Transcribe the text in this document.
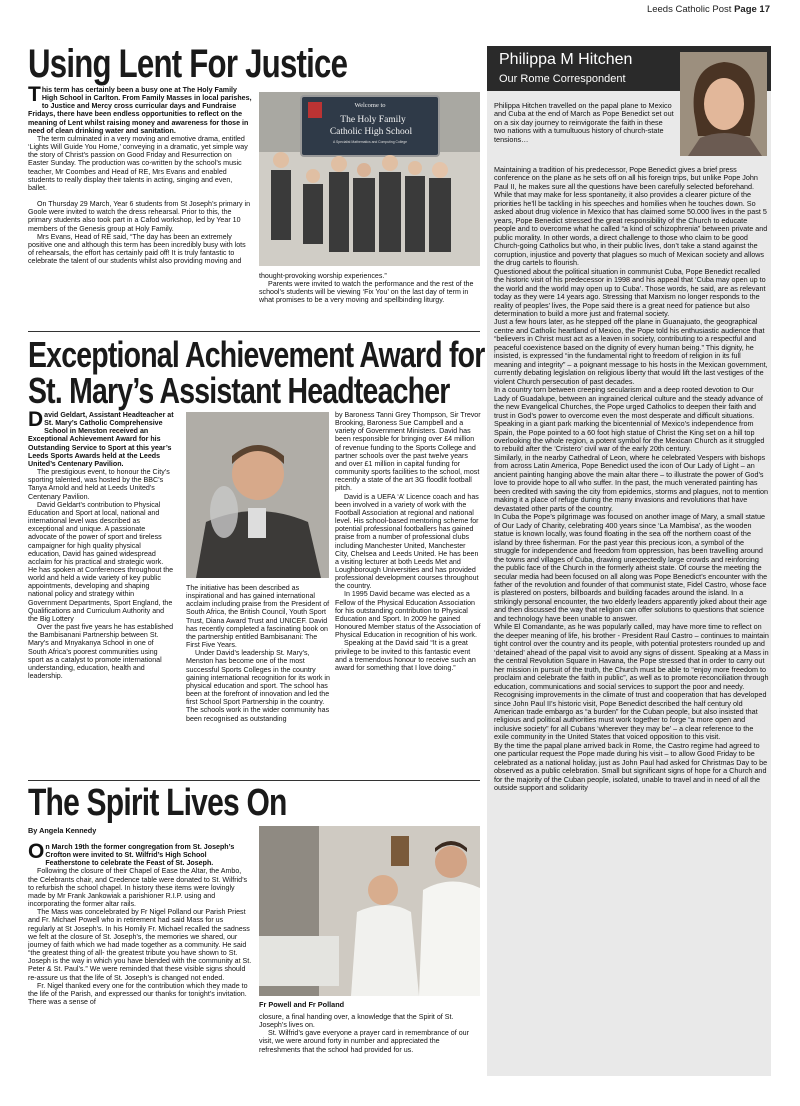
Leeds Catholic Post Page 17
Using Lent For Justice

This term has certainly been a busy one at The Holy Family High School in Carlton. From Family Masses in local parishes, to Justice and Mercy cross curricular days and Fundraise Fridays, there have been endless opportunities to reflect on the meaning of Lent whilst raising money and awareness for those in need of clean drinking water and sanitation.

The term culminated in a very moving and emotive drama, entitled ‘Lights Will Guide You Home,’ conveying in a dramatic, yet simple way the story of Christ’s passion on Good Friday and Resurrection on Easter Sunday. The production was co-written by the school’s music teacher, Mr Coombes and Head of RE, Mrs Evans and enabled students to really display their talents in acting, singing and even, ballet.

On Thursday 29 March, Year 6 students from St Joseph’s primary in Goole were invited to watch the dress rehearsal. Prior to this, the primary students also took part in a Cafod workshop, led by Year 10 members of the Genesis group at Holy Family.

Mrs Evans, Head of RE said, “The day has been an extremely positive one and although this term has been incredibly busy with lots of rehearsals, the effort has certainly paid off! It is truly fantastic to celebrate the talent of our students whilst also providing moving and

Welcome to
The Holy Family
Catholic High School
A Specialist Mathematics and Computing College

thought-provoking worship experiences.”

Parents were invited to watch the performance and the rest of the school’s students will be viewing ‘Fix You’ on the last day of term in what promises to be a very moving and spellbinding liturgy.

Exceptional Achievement Award for
St. Mary’s Assistant Headteacher

David Geldart, Assistant Headteacher at St. Mary’s Catholic Comprehensive School in Menston received an Exceptional Achievement Award for his Outstanding Service to Sport at this year’s Leeds Sports Awards held at the Leeds United’s Centenary Pavilion.

The prestigious event, to honour the City’s sporting talented, was hosted by the BBC’s Tanya Arnold and held at Leeds United’s Centenary Pavilion.

David Geldart’s contribution to Physical Education and Sport at local, national and international level was described as exceptional and unique. A passionate advocate of the power of sport and tireless campaigner for high quality physical education, David has gained widespread acclaim for his practical and strategic work. He has spoken at Conferences throughout the world and held a wide variety of key public appointments, developing and shaping national policy and strategy within Government Departments, Sport England, the Qualifications and Curriculum Authority and the Big Lottery

Over the past five years he has established the Bambisanani Partnership between St. Mary’s and Mnyakanya School in one of South Africa’s poorest communities using sport as a catalyst to promote international understanding, education, health and leadership.

The initiative has been described as inspirational and has gained international acclaim including praise from the President of South Africa, the British Council, Youth Sport Trust, Diana Award Trust and UNICEF. David has recently completed a fascinating book on the partnership entitled Bambisanani: The First Five Years.

Under David’s leadership St. Mary’s, Menston has become one of the most successful Sports Colleges in the country gaining international recognition for its work in physical education and sport. The school has been at the forefront of innovation and led the first School Sport Partnership in the country. The schools work in the wider community has been recognised as outstanding

by Baroness Tanni Grey Thompson, Sir Trevor Brooking, Baroness Sue Campbell and a variety of Government Ministers. David has been responsible for bringing over £4 million of revenue funding to the Sports College and partner schools over the past twelve years and over £1 million in capital funding for community sports facilities to the school, most recently a state of the art 3G floodlit football pitch.

David is a UEFA ‘A’ Licence coach and has been involved in a variety of work with the Football Association at regional and national level. His school-based mentoring scheme for potential professional footballers has gained praise from a number of professional clubs including Manchester United, Manchester City, Chelsea and Leeds United. He has been a visiting lecturer at both Leeds Met and Loughborough Universities and has provided professional development courses throughout the country.

In 1995 David became was elected as a Fellow of the Physical Education Association for his outstanding contribution to Physical Education and Sport. In 2009 he gained Honoured Member status of the Association of Physical Education in recognition of his work.

Speaking at the David said “It is a great privilege to be invited to this fantastic event and a tremendous honour to receive such an award for something that I love doing.”

The Spirit Lives On
By Angela Kennedy

On March 19th the former congregation from St. Joseph’s Crofton were invited to St. Wilfrid’s High School Featherstone to celebrate the Feast of St. Joseph.

Following the closure of their Chapel of Ease the Altar, the Ambo, the Celebrants chair, and Credence table were donated to St. Wilfrid’s to refurbish the school chapel. In history these items were lovingly made by Mr Frank Jankowiak a parishioner R.I.P. using and incorporating the former altar rails.

The Mass was concelebrated by Fr Nigel Polland our Parish Priest and Fr. Michael Powell who in retirement had said Mass for us regularly at St Joseph’s. In his Homily Fr. Michael recalled the sadness we felt at the closure of St. Joseph’s, the memories we shared, our journey of faith which we had made together as a community. He said “the greatest thing of all- the greatest tribute you have shown to St. Joseph is the way in which you have blended with the community at St. Peter & St. Paul’s.” We were reminded that these visible signs should re-assure us that the life of St. Joseph’s is changed not ended.

Fr. Nigel thanked every one for the contribution which they made to the life of the Parish, and expressed our thanks for tonight’s invitation. There was a sense of	Fr Powell and Fr Polland

closure, a final handing over, a knowledge that the Spirit of St. Joseph’s lives on.

St. Wilfrid’s gave everyone a prayer card in remembrance of our visit, we were around forty in number and appreciated the refreshments that the school had provided for us.

Philippa M Hitchen
Our Rome Correspondent

Philippa Hitchen travelled on the papal plane to Mexico and Cuba at the end of March as Pope Benedict set out on a six day journey to reinvigorate the faith in these two nations with a tumultuous history of church-state tensions…

Maintaining a tradition of his predecessor, Pope Benedict gives a brief press conference on the plane as he sets off on all his foreign trips, but unlike Pope John Paul II, he makes sure all the questions have been carefully selected beforehand. While that may make for less spontaneity, it also provides a clearer picture of the priorities he’ll be tackling in his speeches and homilies when he touches down. So asked about drug violence in Mexico that has claimed some 50.000 lives in the past 5 years, Pope Benedict stressed the great responsibility of the Church to educate people and to overcome what he called “a kind of schizophrenia” between private and public morality. In other words, a direct challenge to those who claim to be good Church-going Catholics but who, in their public lives, don’t take a stand against the corruption, injustice and poverty that plagues so much of Mexican society and allows the drug cartels to flourish.

Questioned about the political situation in communist Cuba, Pope Benedict recalled the historic visit of his predecessor in 1998 and his appeal that ‘Cuba may open up to the world and the world may open up to Cuba’. Those words, he said, are as relevant today as they were 14 years ago. Stressing that Marxism no longer responds to the reality of peoples’ lives, the Pope said there is a great need for patience but also determination to build a more just and fraternal society.

Just a few hours later, as he stepped off the plane in Guanajuato, the geographical centre and Catholic heartland of Mexico, the Pope told his enthusiastic audience that “believers in Christ must act as a leaven in society, contributing to a respectful and peaceful coexistence based on the dignity of every human being.” This dignity, he insisted, is expressed “in the fundamental right to freedom of religion in its full meaning and integrity” – a poignant message to his hosts in the Mexican government, currently debating legislation on religious liberty that would lift the last vestiges of the violent Church persecution of past decades.

In a country torn between creeping secularism and a deep rooted devotion to Our Lady of Guadalupe, between an ingrained clerical culture and the steady advance of the new Evangelical Churches, the Pope urged Catholics to deepen their faith and trust in God’s power to overcome even the most desperate and difficult situations. Speaking in a giant park marking the bicentennial of Mexico’s independence from Spain, the Pope pointed to a 60 foot high statue of Christ the King set on a hill top overlooking the whole region, a potent symbol for the Mexican Church as it struggled to rebuild after the ‘Cristero’ civil war of the early 20th century.

Similarly, in the nearby Cathedral of Leon, where he celebrated Vespers with bishops from across Latin America, Pope Benedict used the icon of Our Lady of Light – an ancient painting hanging above the main altar there – to illustrate the power of God’s love to provide hope to all who suffer. In the past, the much venerated painting has been credited with saving the city from epidemics, storms and plagues, not to mention making it a place of refuge during the many invasions and revolutions that have devastated other parts of the country.

In Cuba the Pope’s pilgrimage was focused on another image of Mary, a small statue of Our Lady of Charity, celebrating 400 years since ‘La Mambisa’, as the wooden statue is known locally, was found floating in the sea off the northern coast of the island by three fisherman. For the past year this precious icon, a symbol of the struggle for independence and freedom from oppression, has been travelling around the towns and villages of Cuba, drawing unexpectedly large crowds and reinforcing the public face of the Church in the formerly atheist state. Of course the meeting the secular media had been focused on all along was Pope Benedict’s encounter with the father of the revolution and founder of that communist state, Fidel Castro, whose face is plastered on posters, billboards and building facades around the island. In a strikingly personal encounter, the two elderly leaders apparently joked about their age and then discussed the way that religion can offer solutions to questions that science and technology have been unable to answer.

While El Comandante, as he was popularly called, may have more time to reflect on the deeper meaning of life, his brother - President Raul Castro – continues to maintain tight control over the country and its people, with potential protesters rounded up and ‘detained’ ahead of the papal visit to avoid any signs of dissent. Speaking at a Mass in the central Revolution Square in Havana, the Pope stressed that in order to carry out her mission in pursuit of the truth, the Church must be able to “enjoy more freedom to proclaim and celebrate the faith in public”, as well as to promote reconciliation through education, communications and social services to support the poor and needy.

Recognising improvements in the climate of trust and cooperation that has developed since John Paul II’s historic visit, Pope Benedict described the half century old American trade embargo as “a burden” for the Cuban people, but also insisted that religious and political authorities must work together to forge “a more open and inclusive society” for all Cubans ‘wherever they may be’ – a clear reference to the exile community in the United States that voiced opposition to this visit.

By the time the papal plane arrived back in Rome, the Castro regime had agreed to one particular request the Pope made during his visit – to allow Good Friday to be celebrated as a national holiday, just as John Paul had asked for Christmas Day to be observed as a public celebration. Small but significant signs of hope for a Church and for the majority of the Cuban people, isolated, unable to travel and in need of all the outside support and solidarity
